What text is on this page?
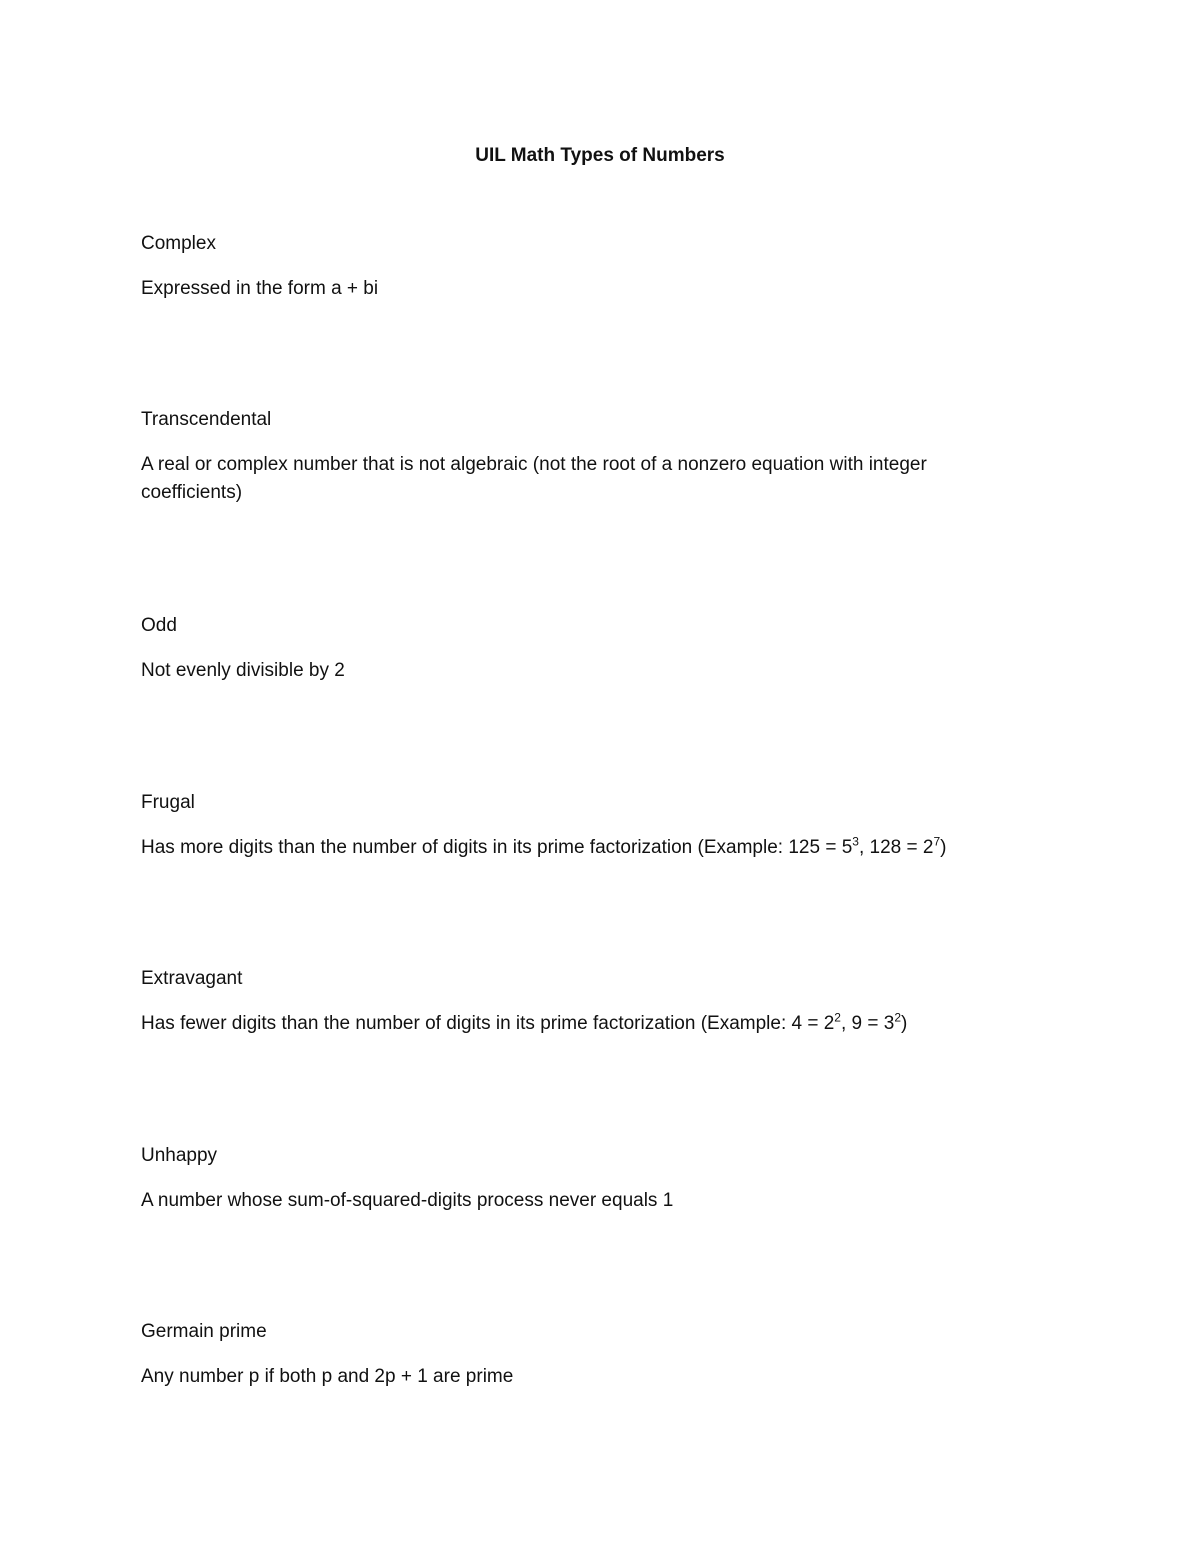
UIL Math Types of Numbers
Complex
Expressed in the form a + bi
Transcendental
A real or complex number that is not algebraic (not the root of a nonzero equation with integer coefficients)
Odd
Not evenly divisible by 2
Frugal
Has more digits than the number of digits in its prime factorization (Example: $125 = 5^3$, $128 = 2^7$)
Extravagant
Has fewer digits than the number of digits in its prime factorization (Example: $4 = 2^2$, $9 = 3^2$)
Unhappy
A number whose sum-of-squared-digits process never equals 1
Germain prime
Any number p if both p and 2p + 1 are prime
